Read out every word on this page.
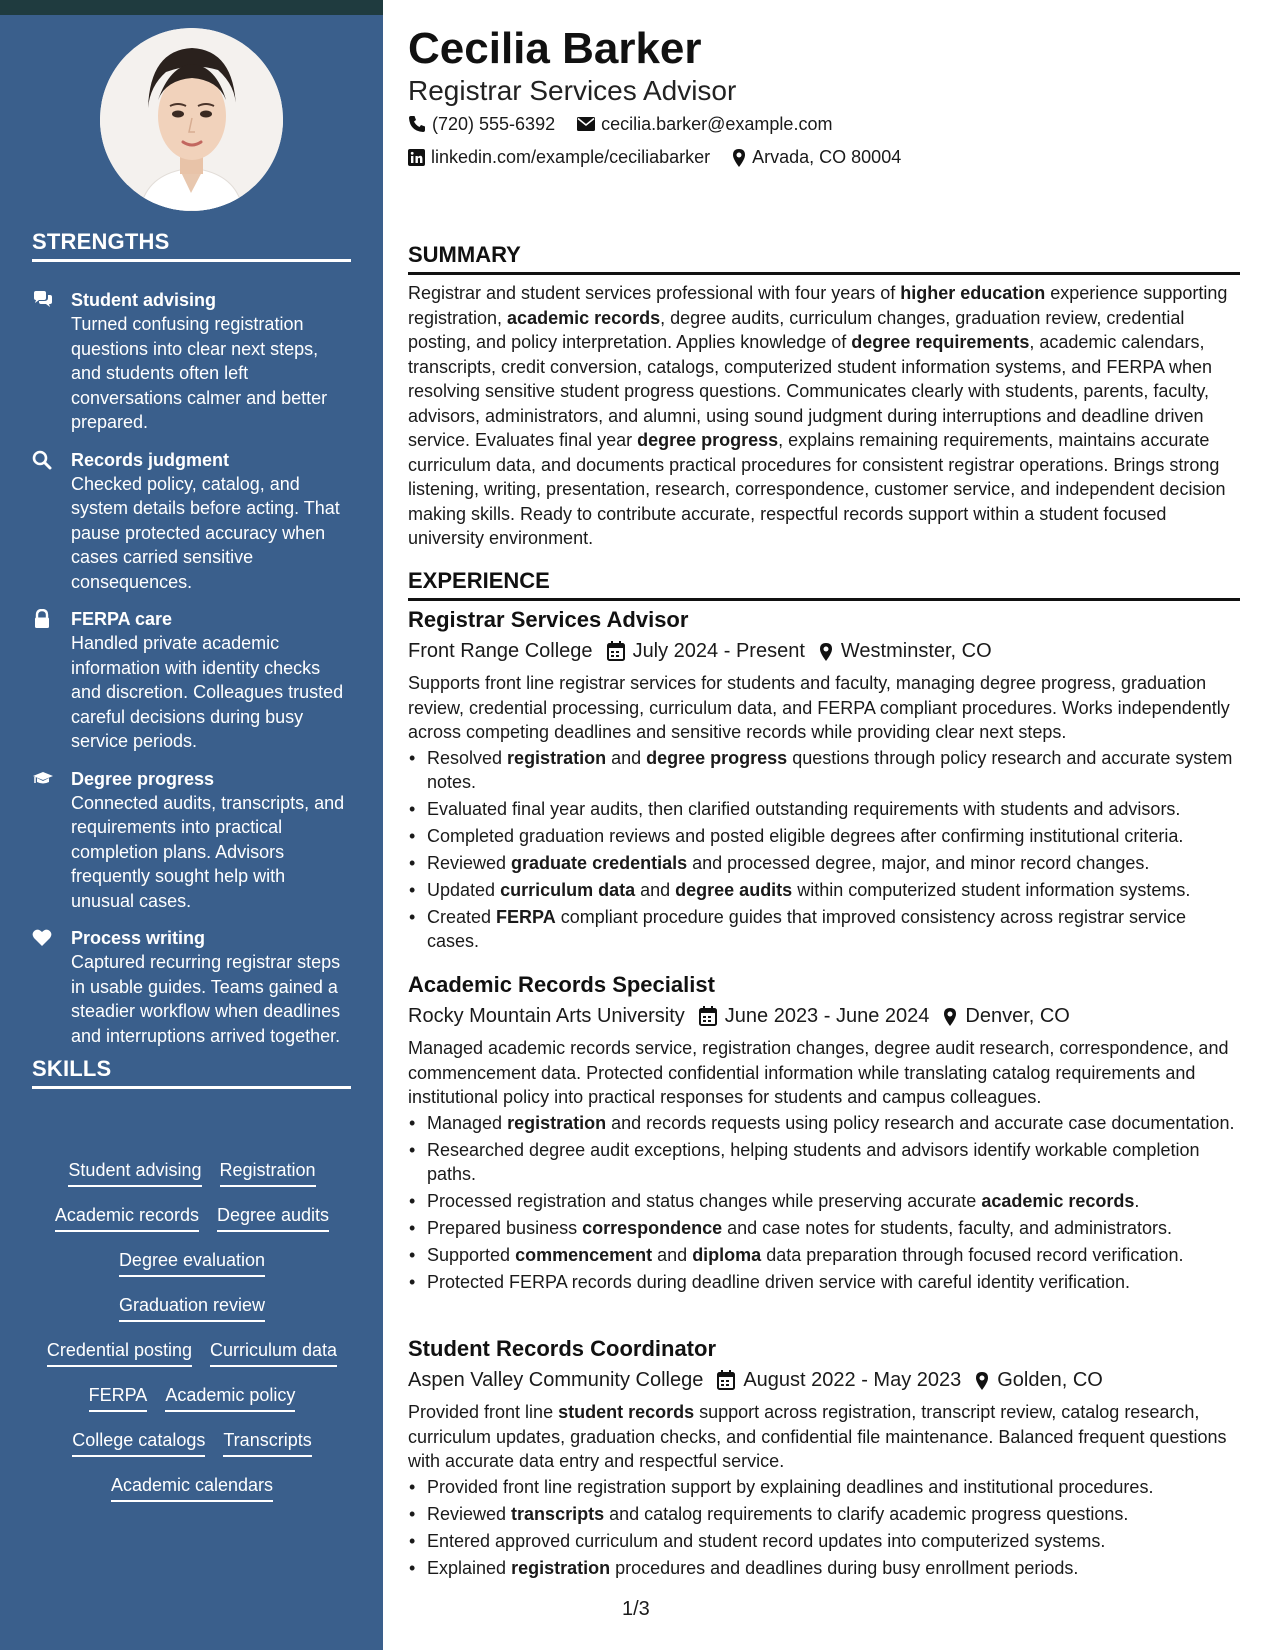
STRENGTHS
Student advising
Turned confusing registration questions into clear next steps, and students often left conversations calmer and better prepared.
Records judgment
Checked policy, catalog, and system details before acting. That pause protected accuracy when cases carried sensitive consequences.
FERPA care
Handled private academic information with identity checks and discretion. Colleagues trusted careful decisions during busy service periods.
Degree progress
Connected audits, transcripts, and requirements into practical completion plans. Advisors frequently sought help with unusual cases.
Process writing
Captured recurring registrar steps in usable guides. Teams gained a steadier workflow when deadlines and interruptions arrived together.
SKILLS
Student advising Registration
Academic records Degree audits
Degree evaluation
Graduation review
Credential posting Curriculum data
FERPA Academic policy
College catalogs Transcripts
Academic calendars
Cecilia Barker
Registrar Services Advisor
(720) 555-6392	cecilia.barker@example.com
linkedin.com/example/ceciliabarker Arvada, CO 80004
SUMMARY

Registrar and student services professional with four years of higher education experience supporting registration, academic records, degree audits, curriculum changes, graduation review, credential posting, and policy interpretation. Applies knowledge of degree requirements, academic calendars, transcripts, credit conversion, catalogs, computerized student information systems, and FERPA when resolving sensitive student progress questions. Communicates clearly with students, parents, faculty, advisors, administrators, and alumni, using sound judgment during interruptions and deadline driven service. Evaluates final year degree progress, explains remaining requirements, maintains accurate curriculum data, and documents practical procedures for consistent registrar operations. Brings strong listening, writing, presentation, research, correspondence, customer service, and independent decision making skills. Ready to contribute accurate, respectful records support within a student focused university environment.

EXPERIENCE
Registrar Services Advisor
Front Range College July 2024 - Present Westminster, CO

Supports front line registrar services for students and faculty, managing degree progress, graduation review, credential processing, curriculum data, and FERPA compliant procedures. Works independently across competing deadlines and sensitive records while providing clear next steps.

• Resolved registration and degree progress questions through policy research and accurate system notes.
• Evaluated final year audits, then clarified outstanding requirements with students and advisors.
• Completed graduation reviews and posted eligible degrees after confirming institutional criteria.
• Reviewed graduate credentials and processed degree, major, and minor record changes.
• Updated curriculum data and degree audits within computerized student information systems.
• Created FERPA compliant procedure guides that improved consistency across registrar service cases.
Academic Records Specialist
Rocky Mountain Arts University June 2023 - June 2024 Denver, CO

Managed academic records service, registration changes, degree audit research, correspondence, and commencement data. Protected confidential information while translating catalog requirements and institutional policy into practical responses for students and campus colleagues.

• Managed registration and records requests using policy research and accurate case documentation.
• Researched degree audit exceptions, helping students and advisors identify workable completion paths.
• Processed registration and status changes while preserving accurate academic records.
• Prepared business correspondence and case notes for students, faculty, and administrators.
• Supported commencement and diploma data preparation through focused record verification.
• Protected FERPA records during deadline driven service with careful identity verification.
Student Records Coordinator
Aspen Valley Community College August 2022 - May 2023 Golden, CO

Provided front line student records support across registration, transcript review, catalog research, curriculum updates, graduation checks, and confidential file maintenance. Balanced frequent questions with accurate data entry and respectful service.

• Provided front line registration support by explaining deadlines and institutional procedures.
• Reviewed transcripts and catalog requirements to clarify academic progress questions.
• Entered approved curriculum and student record updates into computerized systems.
• Explained registration procedures and deadlines during busy enrollment periods.
1/3
